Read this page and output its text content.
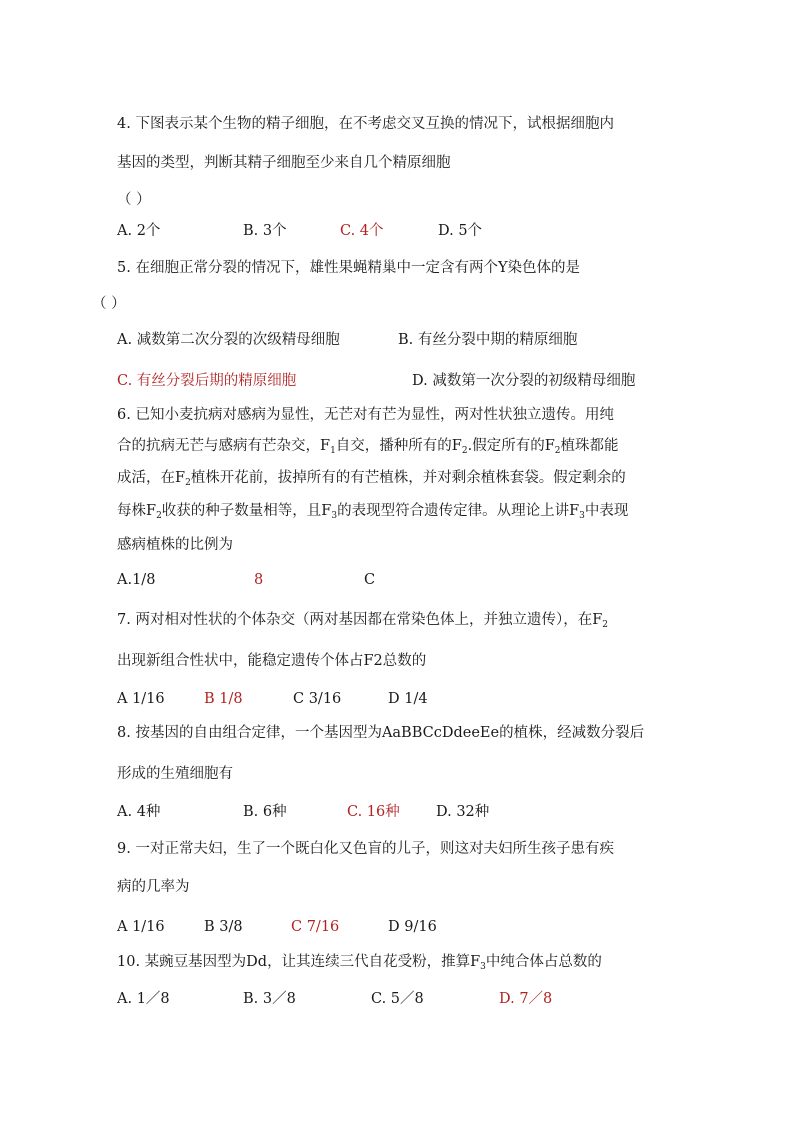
4. 下图表示某个生物的精子细胞，在不考虑交叉互换的情况下，试根据细胞内
基因的类型，判断其精子细胞至少来自几个精原细胞
（ ）
A. 2个	B. 3个	C. 4个	D. 5个
5. 在细胞正常分裂的情况下，雄性果蝇精巢中一定含有两个Y染色体的是
（ ）
A. 减数第二次分裂的次级精母细胞	B. 有丝分裂中期的精原细胞
C. 有丝分裂后期的精原细胞	D. 减数第一次分裂的初级精母细胞
6. 已知小麦抗病对感病为显性，无芒对有芒为显性，两对性状独立遗传。用纯
合的抗病无芒与感病有芒杂交，$F_1$自交，播种所有的$F_2$.假定所有的$F_2$植珠都能
成活，在$F_2$植株开花前，拔掉所有的有芒植株，并对剩余植株套袋。假定剩余的
每株$F_2$收获的种子数量相等，且$F_3$的表现型符合遗传定律。从理论上讲$F_3$中表现
感病植株的比例为
A.1/8	8	C
7. 两对相对性状的个体杂交（两对基因都在常染色体上，并独立遗传），在$F_2$
出现新组合性状中，能稳定遗传个体占F2总数的
A 1/16	B 1/8	C 3/16	D 1/4
8. 按基因的自由组合定律，一个基因型为AaBBCcDdeeEe的植株，经减数分裂后
形成的生殖细胞有
A. 4种	B. 6种	C. 16种	D. 32种
9. 一对正常夫妇，生了一个既白化又色盲的儿子，则这对夫妇所生孩子患有疾
病的几率为
A 1/16	B 3/8	C 7/16	D 9/16
10. 某豌豆基因型为Dd，让其连续三代自花受粉，推算$F_3$中纯合体占总数的
A. 1／8	B. 3／8	C. 5／8	D. 7／8
